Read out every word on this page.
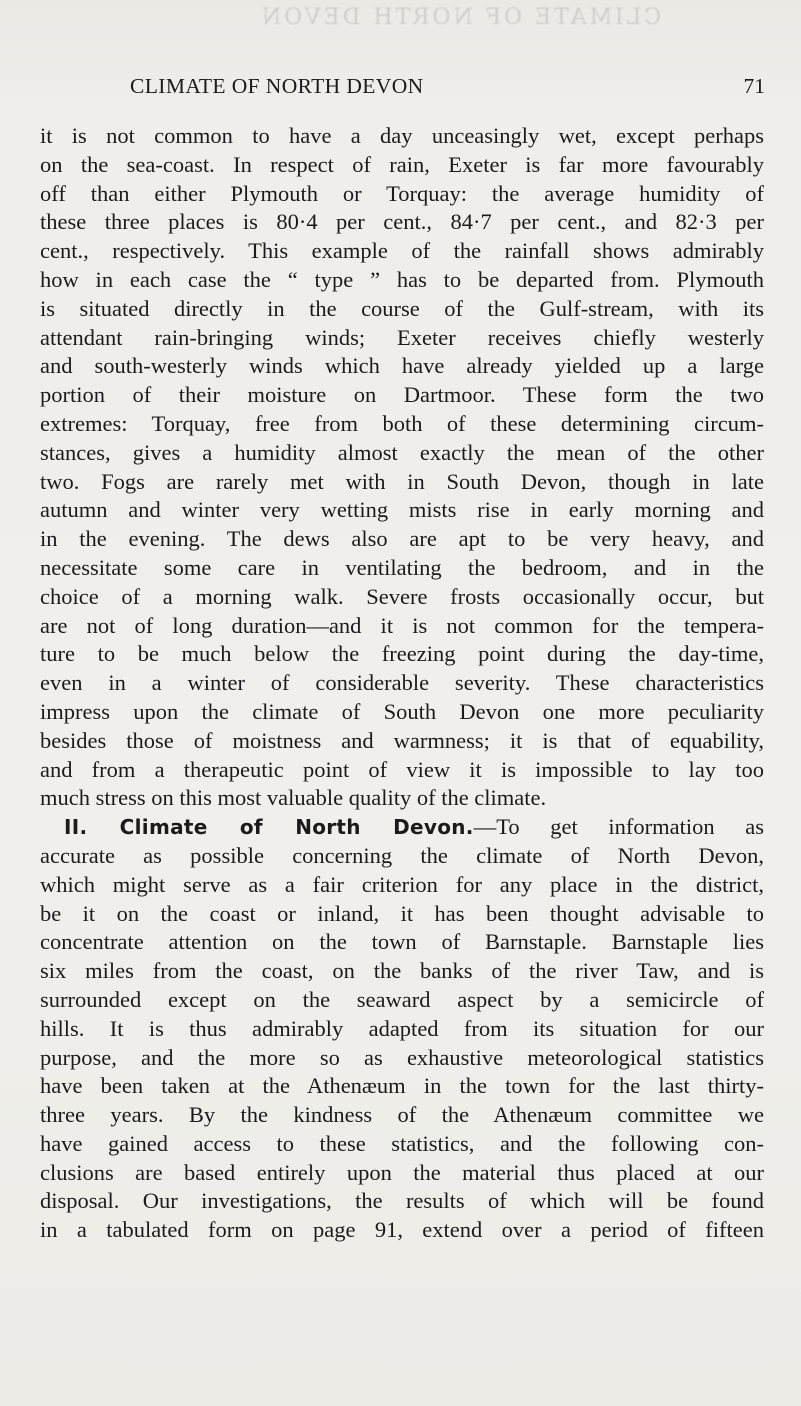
CLIMATE OF NORTH DEVON
CLIMATE OF NORTH DEVON	71
it is not common to have a day unceasingly wet, except perhaps
on the sea-coast. In respect of rain, Exeter is far more favourably
off than either Plymouth or Torquay: the average humidity of
these three places is 80·4 per cent., 84·7 per cent., and 82·3 per
cent., respectively. This example of the rainfall shows admirably
how in each case the “ type ” has to be departed from. Plymouth
is situated directly in the course of the Gulf-stream, with its
attendant rain-bringing winds; Exeter receives chiefly westerly
and south-westerly winds which have already yielded up a large
portion of their moisture on Dartmoor. These form the two
extremes: Torquay, free from both of these determining circum-
stances, gives a humidity almost exactly the mean of the other
two. Fogs are rarely met with in South Devon, though in late
autumn and winter very wetting mists rise in early morning and
in the evening. The dews also are apt to be very heavy, and
necessitate some care in ventilating the bedroom, and in the
choice of a morning walk. Severe frosts occasionally occur, but
are not of long duration—and it is not common for the tempera-
ture to be much below the freezing point during the day-time,
even in a winter of considerable severity. These characteristics
impress upon the climate of South Devon one more peculiarity
besides those of moistness and warmness; it is that of equability,
and from a therapeutic point of view it is impossible to lay too
much stress on this most valuable quality of the climate.
II. Climate of North Devon.—To get information as
accurate as possible concerning the climate of North Devon,
which might serve as a fair criterion for any place in the district,
be it on the coast or inland, it has been thought advisable to
concentrate attention on the town of Barnstaple. Barnstaple lies
six miles from the coast, on the banks of the river Taw, and is
surrounded except on the seaward aspect by a semicircle of
hills. It is thus admirably adapted from its situation for our
purpose, and the more so as exhaustive meteorological statistics
have been taken at the Athenæum in the town for the last thirty-
three years. By the kindness of the Athenæum committee we
have gained access to these statistics, and the following con-
clusions are based entirely upon the material thus placed at our
disposal. Our investigations, the results of which will be found
in a tabulated form on page 91, extend over a period of fifteen
